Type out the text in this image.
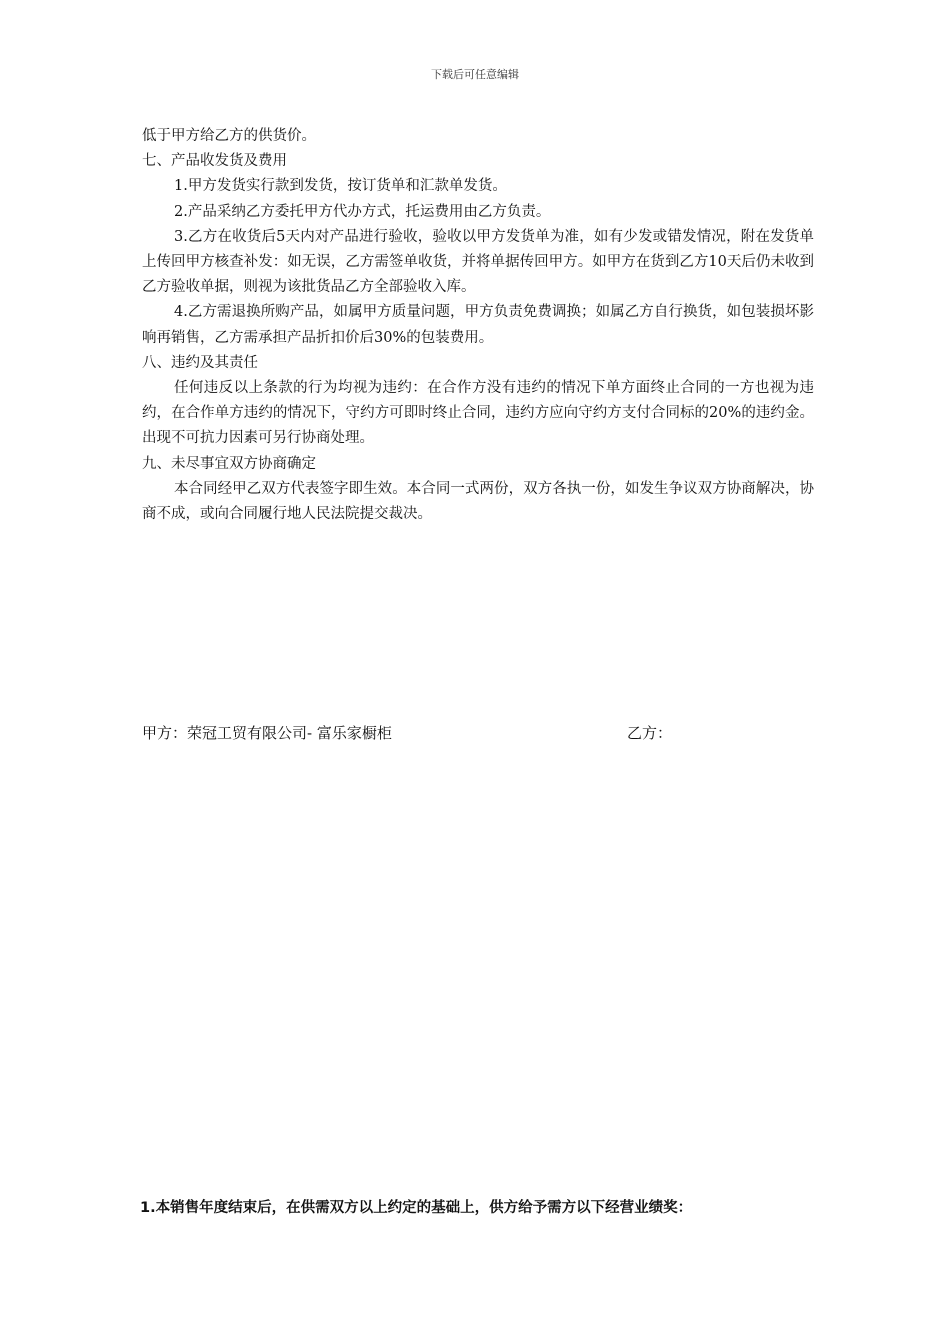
下载后可任意编辑

低于甲方给乙方的供货价。

七、产品收发货及费用

1.甲方发货实行款到发货，按订货单和汇款单发货。

2.产品采纳乙方委托甲方代办方式，托运费用由乙方负责。

3.乙方在收货后5天内对产品进行验收，验收以甲方发货单为准，如有少发或错发情况，附在发货单上传回甲方核查补发：如无误，乙方需签单收货，并将单据传回甲方。如甲方在货到乙方10天后仍未收到乙方验收单据，则视为该批货品乙方全部验收入库。

4.乙方需退换所购产品，如属甲方质量问题，甲方负责免费调换；如属乙方自行换货，如包装损坏影响再销售，乙方需承担产品折扣价后30%的包装费用。

八、违约及其责任

任何违反以上条款的行为均视为违约：在合作方没有违约的情况下单方面终止合同的一方也视为违约，在合作单方违约的情况下，守约方可即时终止合同，违约方应向守约方支付合同标的20%的违约金。出现不可抗力因素可另行协商处理。

九、未尽事宜双方协商确定

本合同经甲乙双方代表签字即生效。本合同一式两份，双方各执一份，如发生争议双方协商解决，协商不成，或向合同履行地人民法院提交裁决。

甲方：荣冠工贸有限公司- 富乐家橱柜	乙方：
1.本销售年度结束后，在供需双方以上约定的基础上，供方给予需方以下经营业绩奖：
